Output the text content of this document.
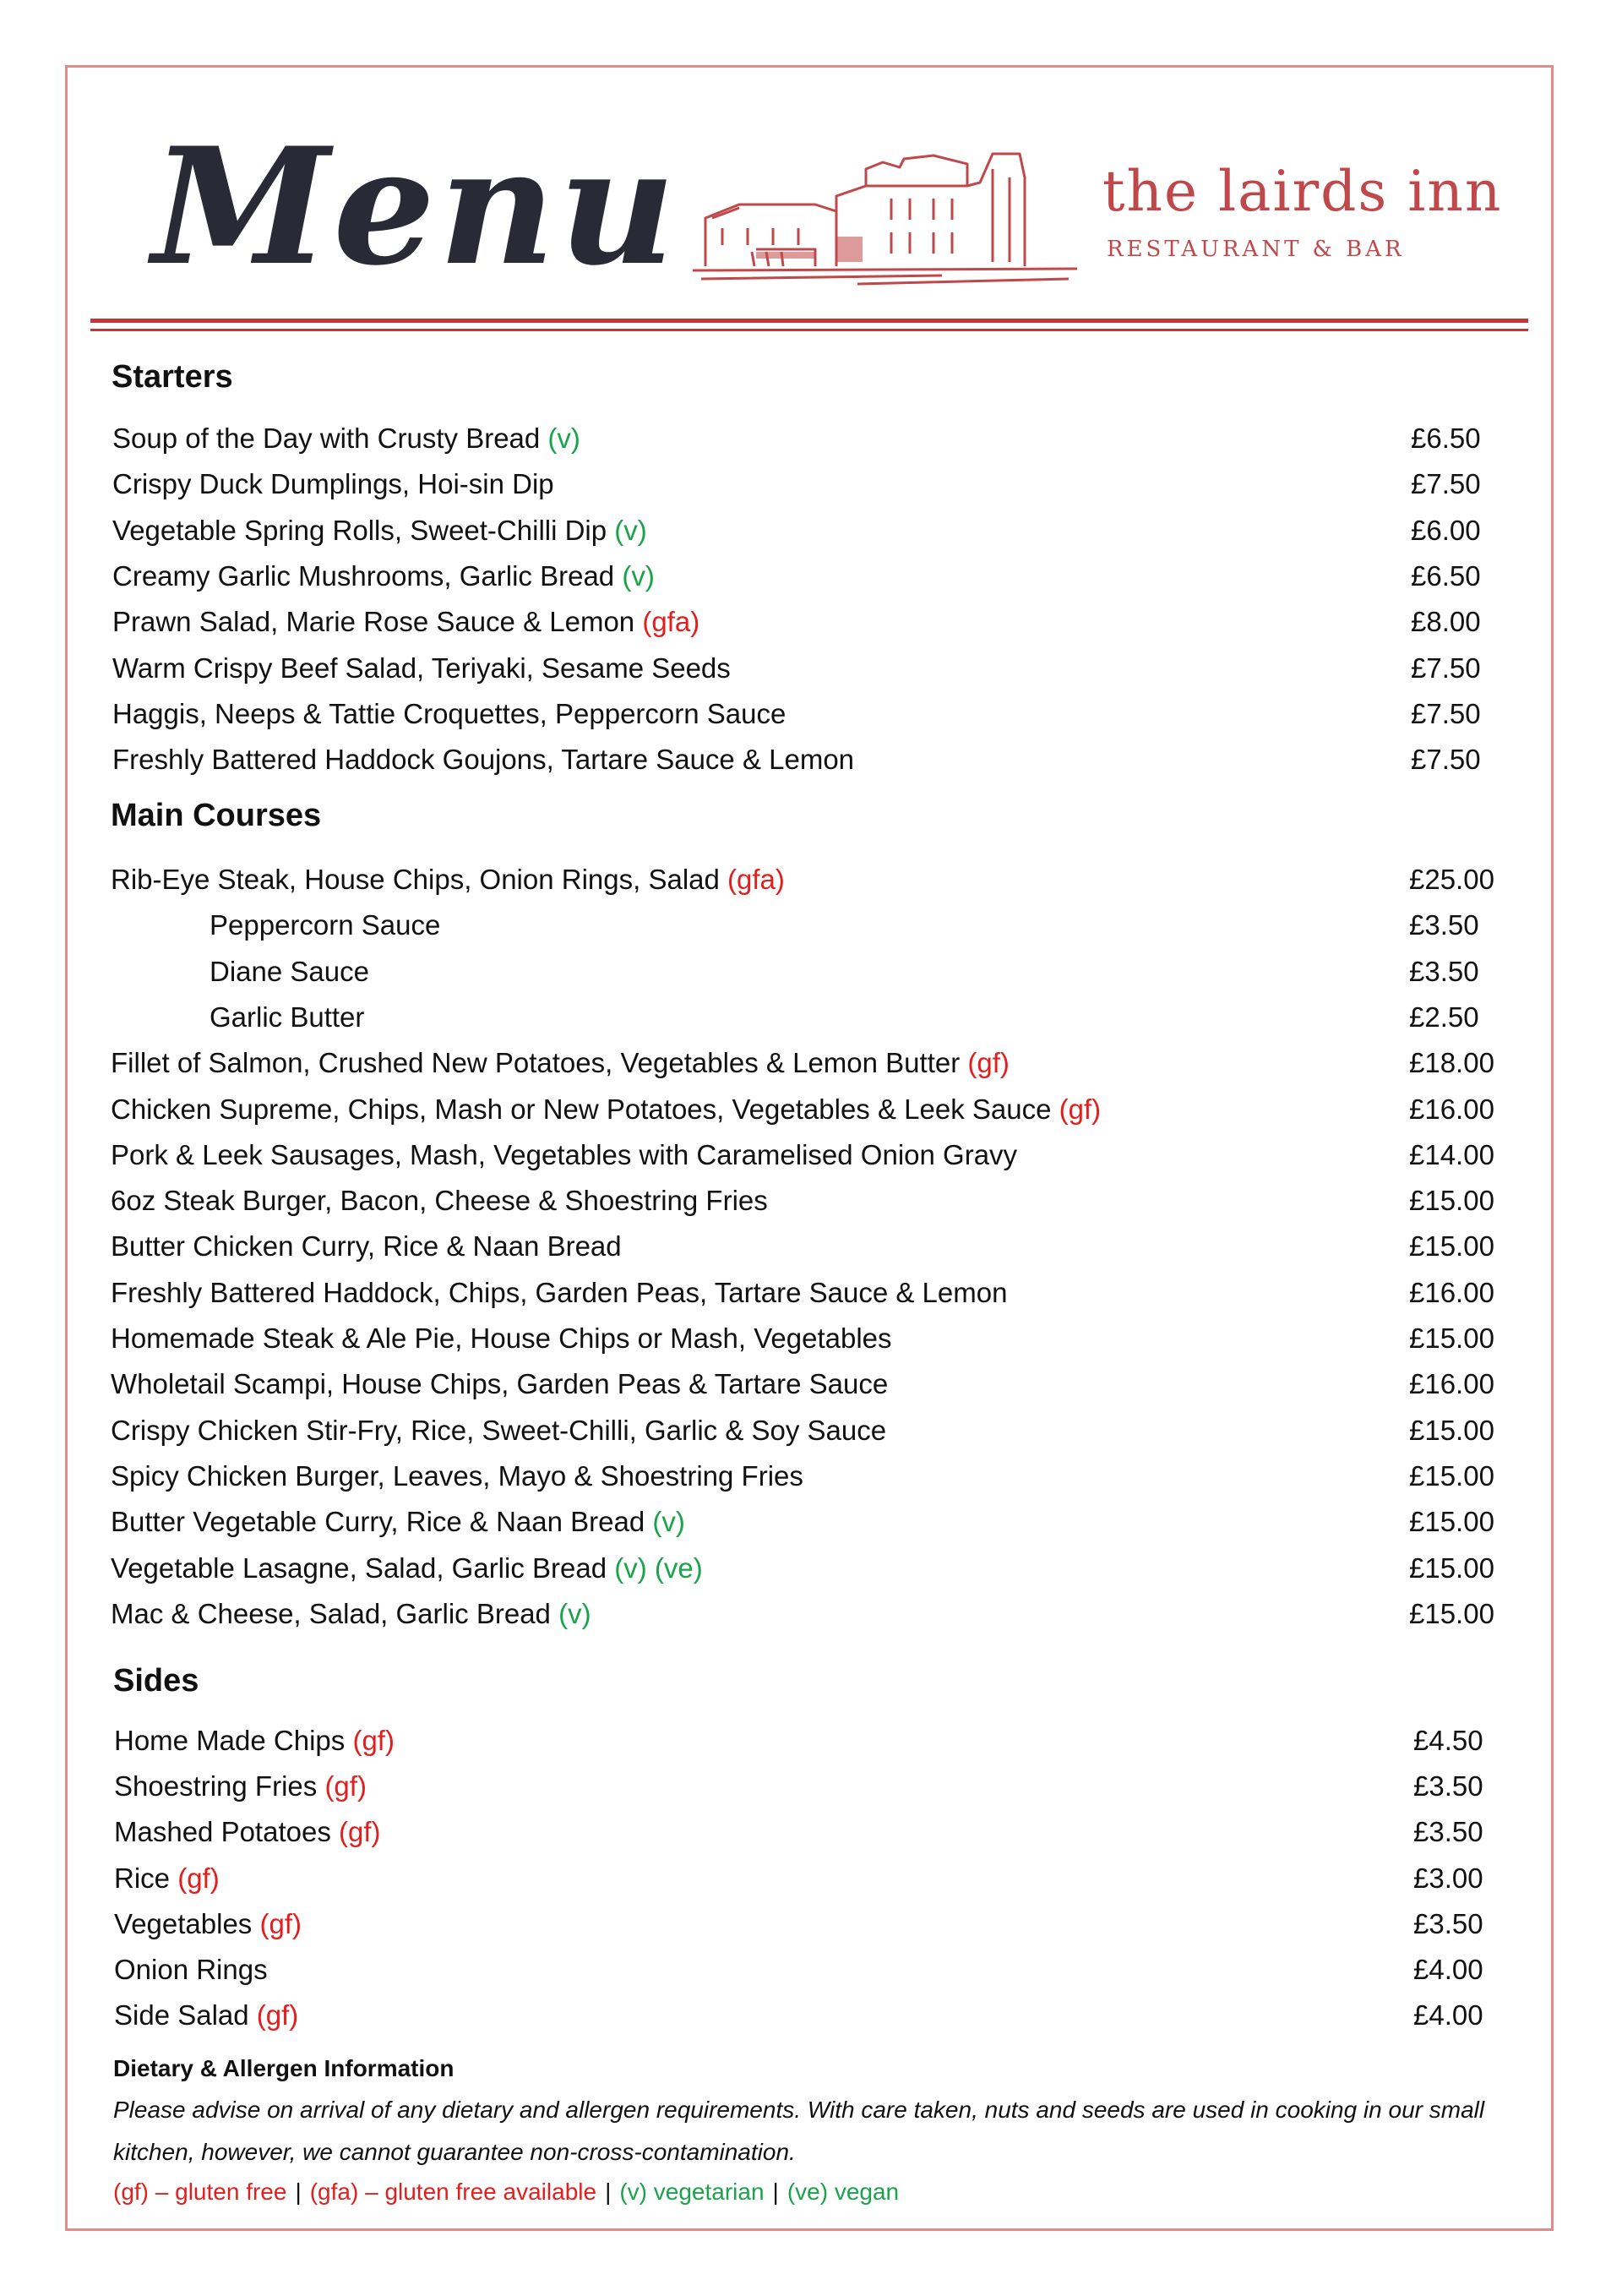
Menu	the lairds inn
RESTAURANT & BAR
Starters
Soup of the Day with Crusty Bread (v)	£6.50
Crispy Duck Dumplings, Hoi-sin Dip	£7.50
Vegetable Spring Rolls, Sweet-Chilli Dip (v)	£6.00
Creamy Garlic Mushrooms, Garlic Bread (v)	£6.50
Prawn Salad, Marie Rose Sauce & Lemon (gfa)	£8.00
Warm Crispy Beef Salad, Teriyaki, Sesame Seeds	£7.50
Haggis, Neeps & Tattie Croquettes, Peppercorn Sauce	£7.50
Freshly Battered Haddock Goujons, Tartare Sauce & Lemon	£7.50
Main Courses
Rib-Eye Steak, House Chips, Onion Rings, Salad (gfa)	£25.00
Peppercorn Sauce	£3.50
Diane Sauce	£3.50
Garlic Butter	£2.50
Fillet of Salmon, Crushed New Potatoes, Vegetables & Lemon Butter (gf)	£18.00
Chicken Supreme, Chips, Mash or New Potatoes, Vegetables & Leek Sauce (gf)	£16.00
Pork & Leek Sausages, Mash, Vegetables with Caramelised Onion Gravy	£14.00
6oz Steak Burger, Bacon, Cheese & Shoestring Fries	£15.00
Butter Chicken Curry, Rice & Naan Bread	£15.00
Freshly Battered Haddock, Chips, Garden Peas, Tartare Sauce & Lemon	£16.00
Homemade Steak & Ale Pie, House Chips or Mash, Vegetables	£15.00
Wholetail Scampi, House Chips, Garden Peas & Tartare Sauce	£16.00
Crispy Chicken Stir-Fry, Rice, Sweet-Chilli, Garlic & Soy Sauce	£15.00
Spicy Chicken Burger, Leaves, Mayo & Shoestring Fries	£15.00
Butter Vegetable Curry, Rice & Naan Bread (v)	£15.00
Vegetable Lasagne, Salad, Garlic Bread (v) (ve)	£15.00
Mac & Cheese, Salad, Garlic Bread (v)	£15.00
Sides
Home Made Chips (gf)	£4.50
Shoestring Fries (gf)	£3.50
Mashed Potatoes (gf)	£3.50
Rice (gf)	£3.00
Vegetables (gf)	£3.50
Onion Rings	£4.00
Side Salad (gf)	£4.00
Dietary & Allergen Information
Please advise on arrival of any dietary and allergen requirements. With care taken, nuts and seeds are used in cooking in our small kitchen, however, we cannot guarantee non-cross-contamination.
(gf) – gluten free | (gfa) – gluten free available | (v) vegetarian | (ve) vegan
